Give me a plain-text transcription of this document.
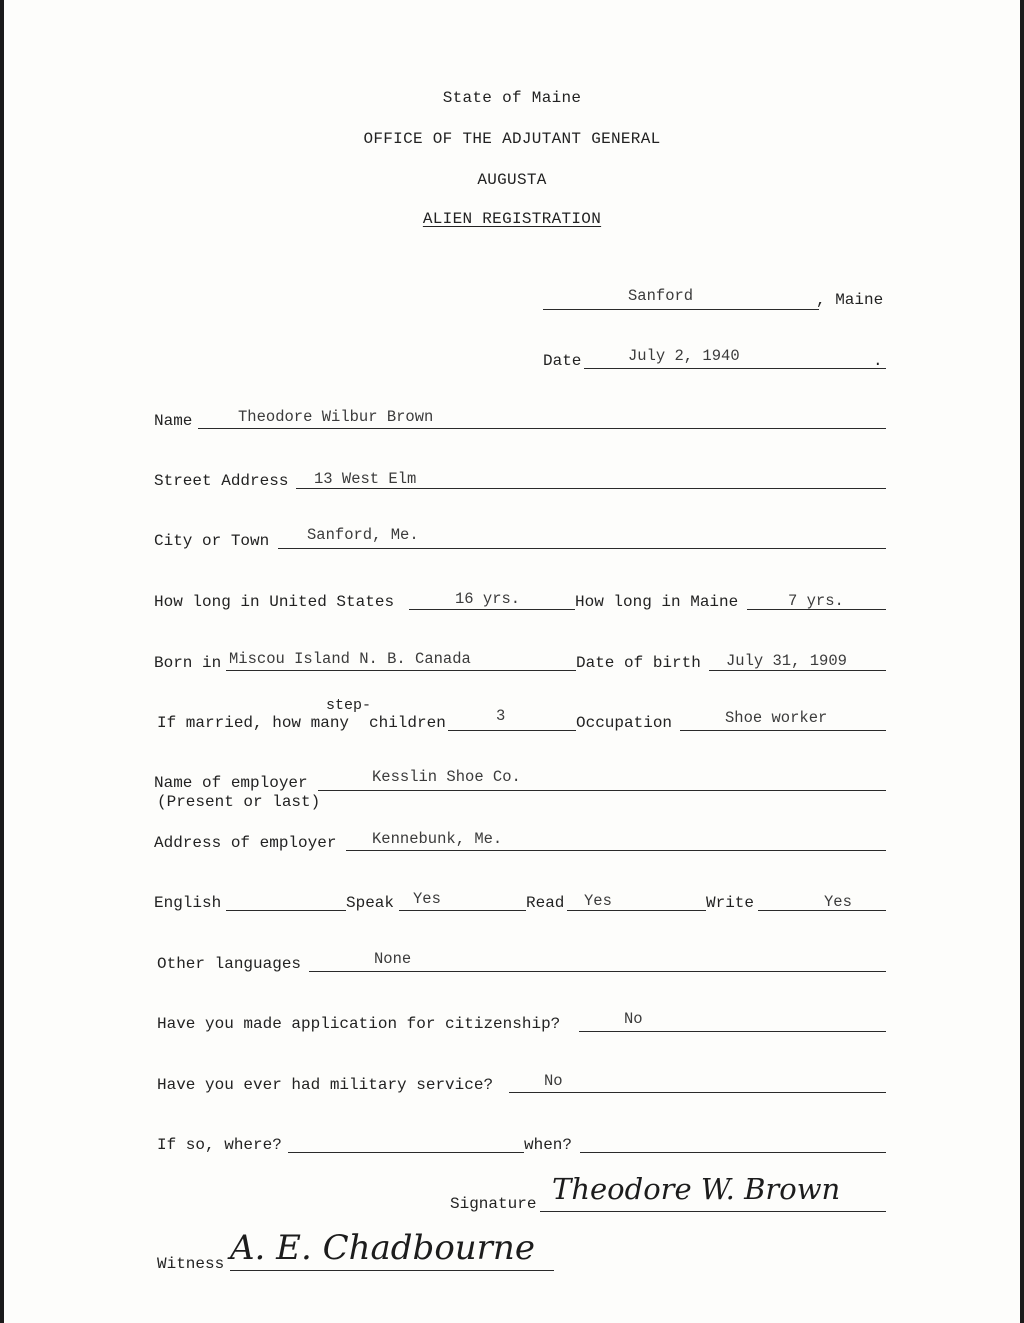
State of Maine
OFFICE OF THE ADJUTANT GENERAL
AUGUSTA
ALIEN REGISTRATION
Sanford	, Maine
Date	July 2, 1940	.
Name	Theodore Wilbur Brown
Street Address 13 West Elm
City or Town Sanford, Me.
How long in United States	16 yrs.	How long in Maine	7 yrs.
Born in Miscou Island N. B. Canada	Date of birth July 31, 1909
step-
If married, how many children	3	Occupation	Shoe worker
Name of employer
(Present or last)
Kesslin Shoe Co.
Address of employer Kennebunk, Me.
English	Speak Yes	Read Yes	Write	Yes
Other languages	None
Have you made application for citizenship?	No
Have you ever had military service?	No
If so, where?	when?
Signature Theodore W. Brown
Witness A. E. Chadbourne
